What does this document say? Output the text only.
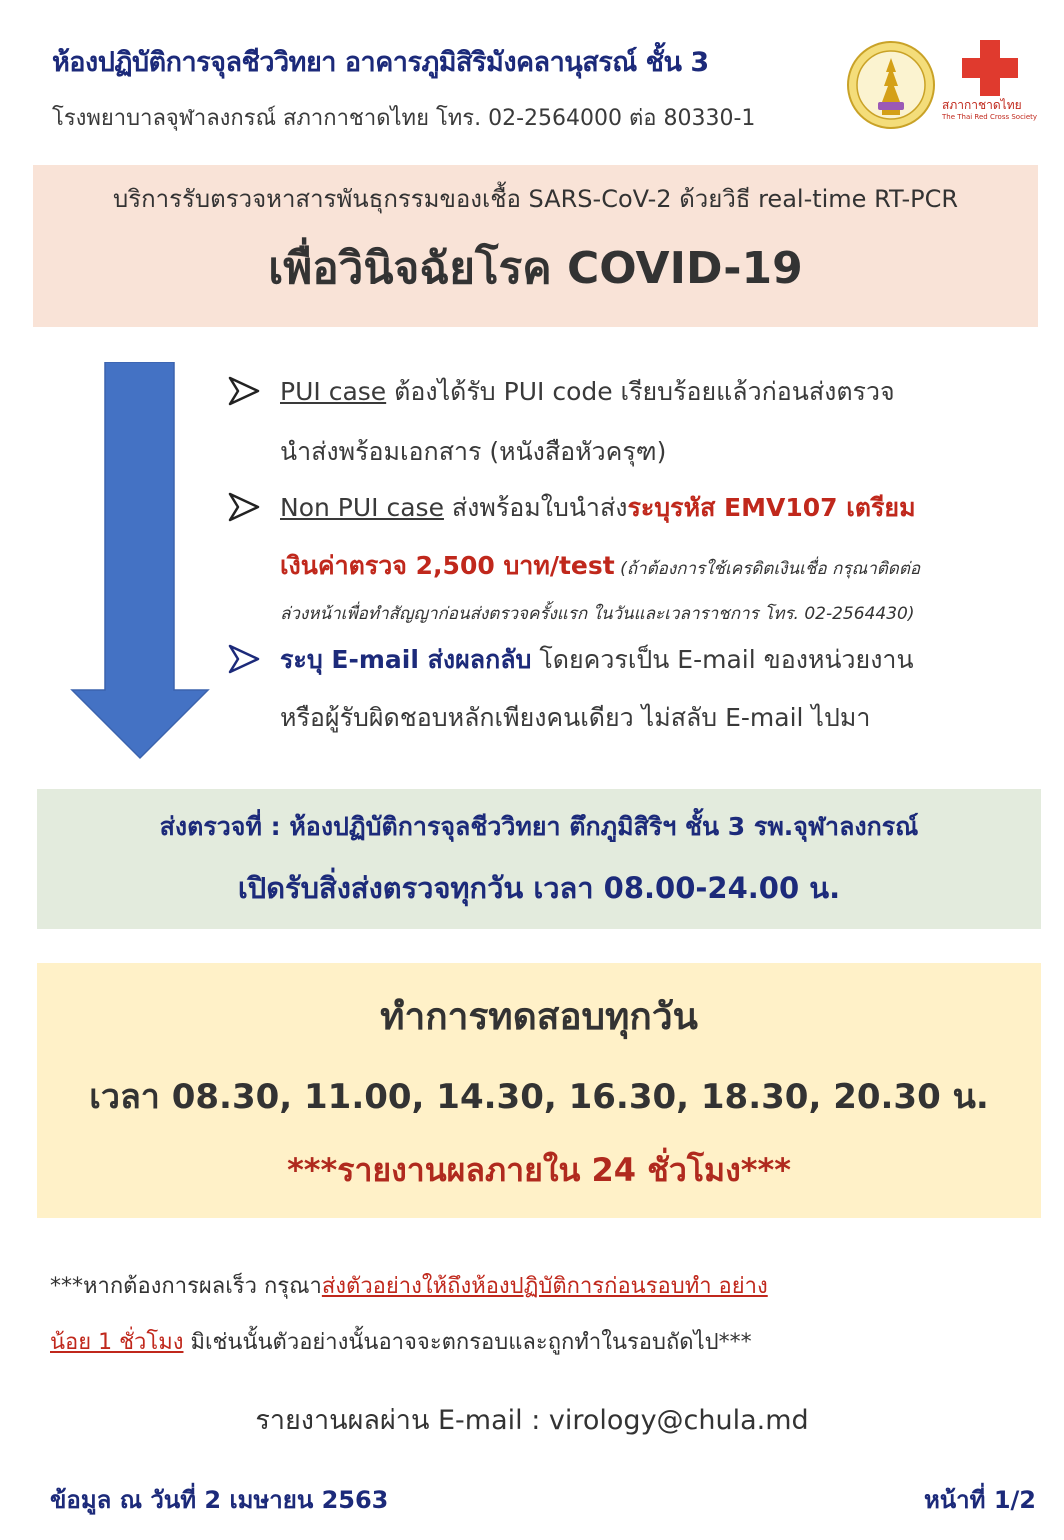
ห้องปฏิบัติการจุลชีววิทยา อาคารภูมิสิริมังคลานุสรณ์ ชั้น 3
โรงพยาบาลจุฬาลงกรณ์ สภากาชาดไทย โทร. 02-2564000 ต่อ 80330-1
สภากาชาดไทย
The Thai Red Cross Society
บริการรับตรวจหาสารพันธุกรรมของเชื้อ SARS-CoV-2 ด้วยวิธี real-time RT-PCR
เพื่อวินิจฉัยโรค COVID-19
PUI case ต้องได้รับ PUI code เรียบร้อยแล้วก่อนส่งตรวจ
นำส่งพร้อมเอกสาร (หนังสือหัวครุฑ)
Non PUI case ส่งพร้อมใบนำส่งระบุรหัส EMV107 เตรียม
เงินค่าตรวจ 2,500 บาท/test (ถ้าต้องการใช้เครดิตเงินเชื่อ กรุณาติดต่อ
ล่วงหน้าเพื่อทำสัญญาก่อนส่งตรวจครั้งแรก ในวันและเวลาราชการ โทร. 02-2564430)
ระบุ E-mail ส่งผลกลับ โดยควรเป็น E-mail ของหน่วยงาน
หรือผู้รับผิดชอบหลักเพียงคนเดียว ไม่สลับ E-mail ไปมา
ส่งตรวจที่ : ห้องปฏิบัติการจุลชีววิทยา ตึกภูมิสิริฯ ชั้น 3 รพ.จุฬาลงกรณ์
เปิดรับสิ่งส่งตรวจทุกวัน เวลา 08.00-24.00 น.
ทำการทดสอบทุกวัน
เวลา 08.30, 11.00, 14.30, 16.30, 18.30, 20.30 น.
***รายงานผลภายใน 24 ชั่วโมง***
***หากต้องการผลเร็ว กรุณาส่งตัวอย่างให้ถึงห้องปฏิบัติการก่อนรอบทำ อย่าง
น้อย 1 ชั่วโมง มิเช่นนั้นตัวอย่างนั้นอาจจะตกรอบและถูกทำในรอบถัดไป***
รายงานผลผ่าน E-mail : virology@chula.md
ข้อมูล ณ วันที่ 2 เมษายน 2563	หน้าที่ 1/2
